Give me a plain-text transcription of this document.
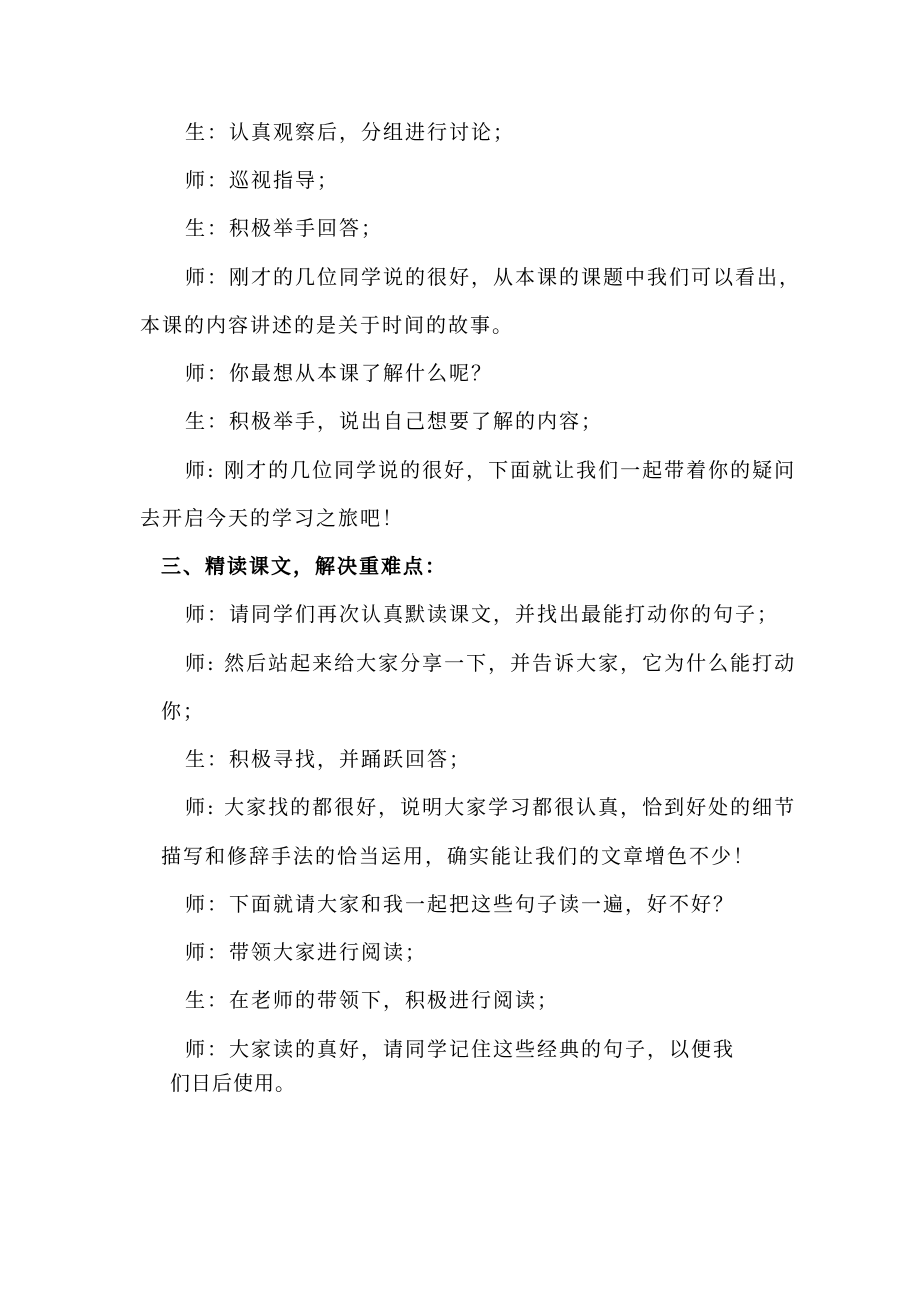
生：认真观察后，分组进行讨论；
师：巡视指导；
生：积极举手回答；
师：刚才的几位同学说的很好，从本课的课题中我们可以看出，
本课的内容讲述的是关于时间的故事。
师：你最想从本课了解什么呢？
生：积极举手，说出自己想要了解的内容；
师: 刚才的几位同学说的很好，下面就让我们一起带着你的疑问
去开启今天的学习之旅吧！
三、精读课文，解决重难点：
师：请同学们再次认真默读课文，并找出最能打动你的句子；
师: 然后站起来给大家分享一下，并告诉大家，它为什么能打动
你；
生：积极寻找，并踊跃回答；
师: 大家找的都很好，说明大家学习都很认真，恰到好处的细节
描写和修辞手法的恰当运用，确实能让我们的文章增色不少！
师：下面就请大家和我一起把这些句子读一遍，好不好？
师：带领大家进行阅读；
生：在老师的带领下，积极进行阅读；
师：大家读的真好，请同学记住这些经典的句子，以便我
们日后使用。
